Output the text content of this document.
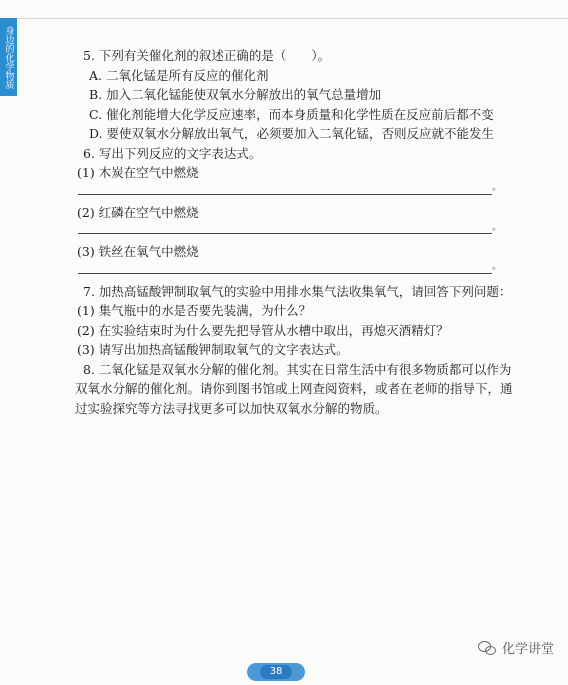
身边的化学物质	5. 下列有关催化剂的叙述正确的是（　　）。
A. 二氧化锰是所有反应的催化剂
B. 加入二氧化锰能使双氧水分解放出的氧气总量增加
C. 催化剂能增大化学反应速率，而本身质量和化学性质在反应前后都不变
D. 要使双氧水分解放出氧气，必须要加入二氧化锰，否则反应就不能发生
6. 写出下列反应的文字表达式。
(1) 木炭在空气中燃烧
。
(2) 红磷在空气中燃烧
。
(3) 铁丝在氧气中燃烧
。
7. 加热高锰酸钾制取氧气的实验中用排水集气法收集氧气，请回答下列问题：
(1) 集气瓶中的水是否要先装满，为什么？
(2) 在实验结束时为什么要先把导管从水槽中取出，再熄灭酒精灯？
(3) 请写出加热高锰酸钾制取氧气的文字表达式。
8. 二氧化锰是双氧水分解的催化剂。其实在日常生活中有很多物质都可以作为双氧水分解的催化剂。请你到图书馆或上网查阅资料，或者在老师的指导下，通过实验探究等方法寻找更多可以加快双氧水分解的物质。
38
化学讲堂
